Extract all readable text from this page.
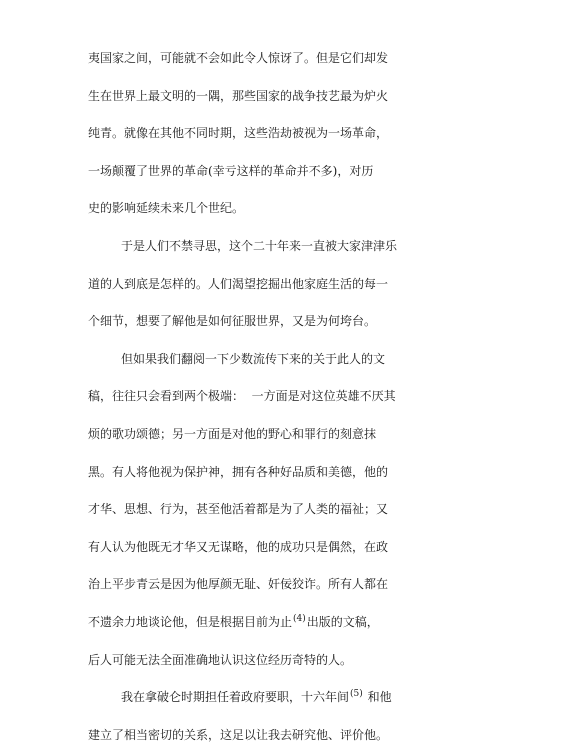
夷国家之间，可能就不会如此令人惊讶了。但是它们却发

生在世界上最文明的一隅，那些国家的战争技艺最为炉火

纯青。就像在其他不同时期，这些浩劫被视为一场革命，

一场颠覆了世界的革命(幸亏这样的革命并不多)，对历

史的影响延续未来几个世纪。

于是人们不禁寻思，这个二十年来一直被大家津津乐

道的人到底是怎样的。人们渴望挖掘出他家庭生活的每一

个细节，想要了解他是如何征服世界，又是为何垮台。

但如果我们翻阅一下少数流传下来的关于此人的文

稿，往往只会看到两个极端：  一方面是对这位英雄不厌其

烦的歌功颂德；另一方面是对他的野心和罪行的刻意抹

黑。有人将他视为保护神，拥有各种好品质和美德，他的

才华、思想、行为，甚至他活着都是为了人类的福祉；又

有人认为他既无才华又无谋略，他的成功只是偶然，在政

治上平步青云是因为他厚颜无耻、奸佞狡诈。所有人都在

不遗余力地谈论他，但是根据目前为止$^{(4)}$出版的文稿，

后人可能无法全面准确地认识这位经历奇特的人。

我在拿破仑时期担任着政府要职，十六年间$^{(5)}$ 和他

建立了相当密切的关系，这足以让我去研究他、评价他。
